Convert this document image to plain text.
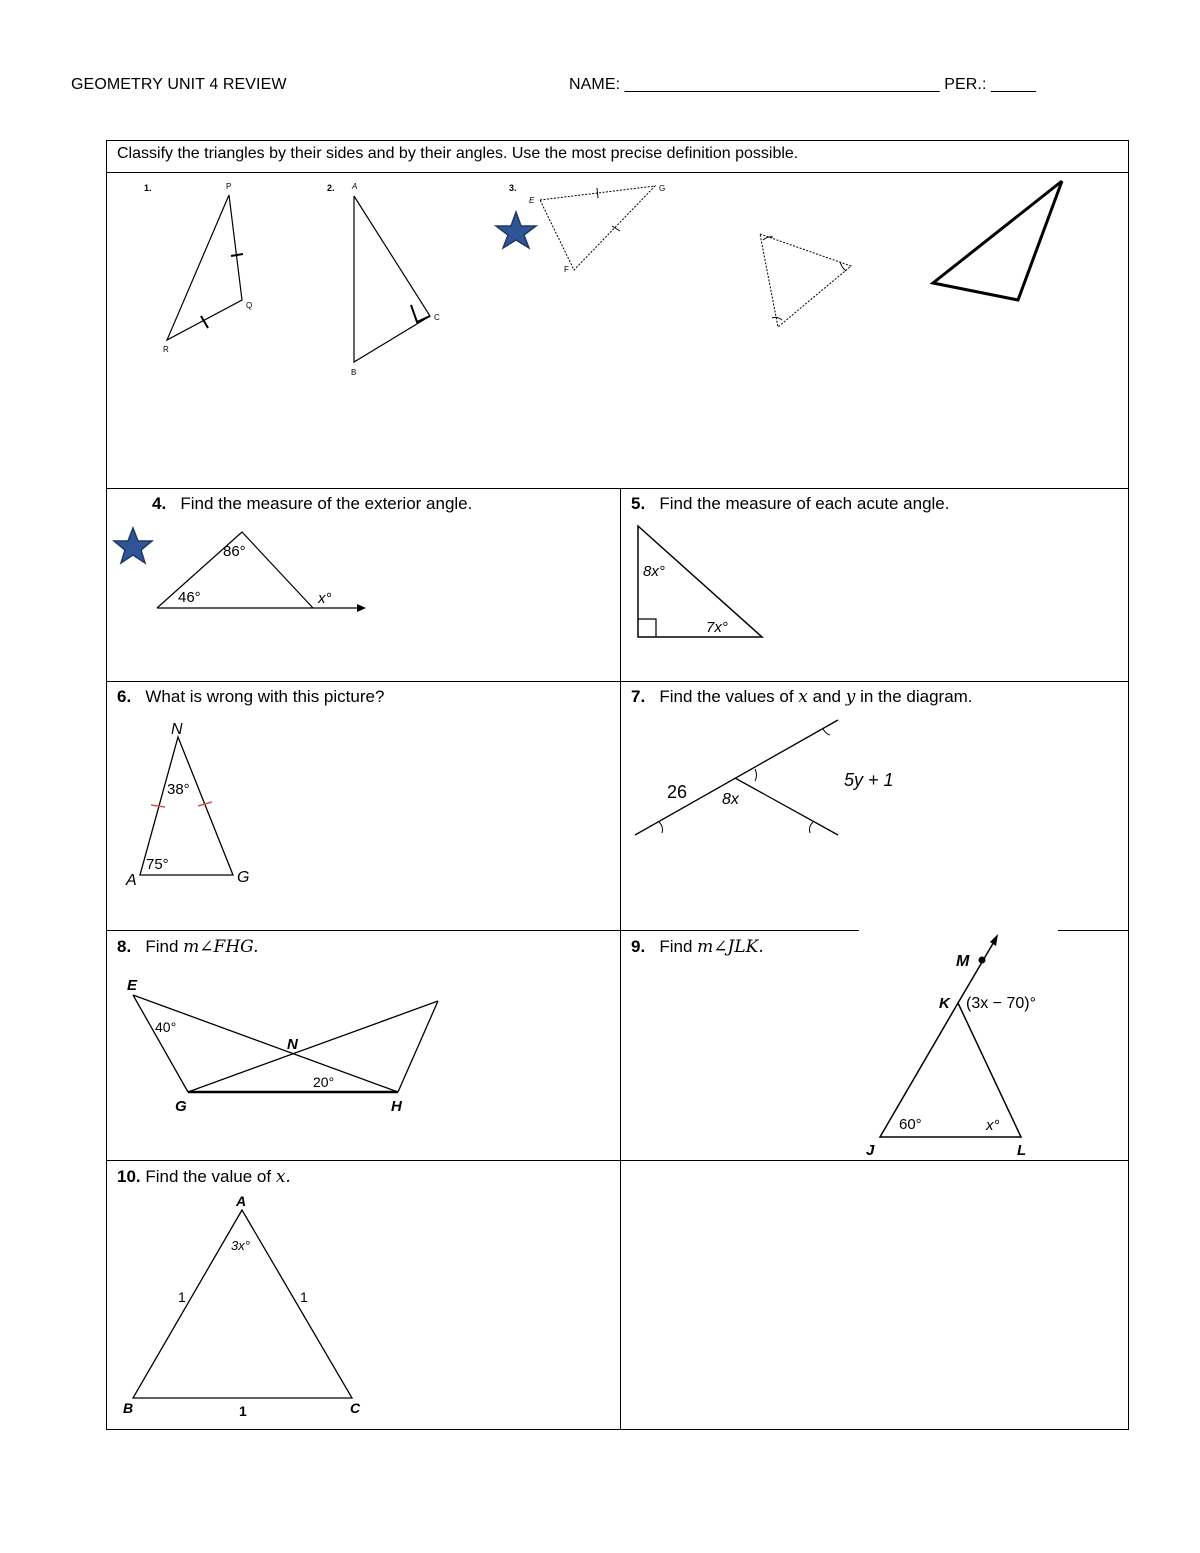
GEOMETRY UNIT 4 REVIEW	NAME: ___________________________________ PER.: _____
Classify the triangles by their sides and by their angles. Use the most precise definition possible.
1.	P
Q
R
2. A
C
B
3.
E
G
F
4. Find the measure of the exterior angle.
86°
46°	x°
5. Find the measure of each acute angle.
8x°
7x°
6. What is wrong with this picture?
N
A	G
38°
75°
7. Find the values of x and y in the diagram.
26 8x
5y + 1
8. Find m∠FHG.
E
G	H
N
40°
20°
9. Find m∠JLK.
M
K
J	L
(3x − 70)°
60°	x°
10. Find the value of x.
A
B	C
3x°
1	1
1
